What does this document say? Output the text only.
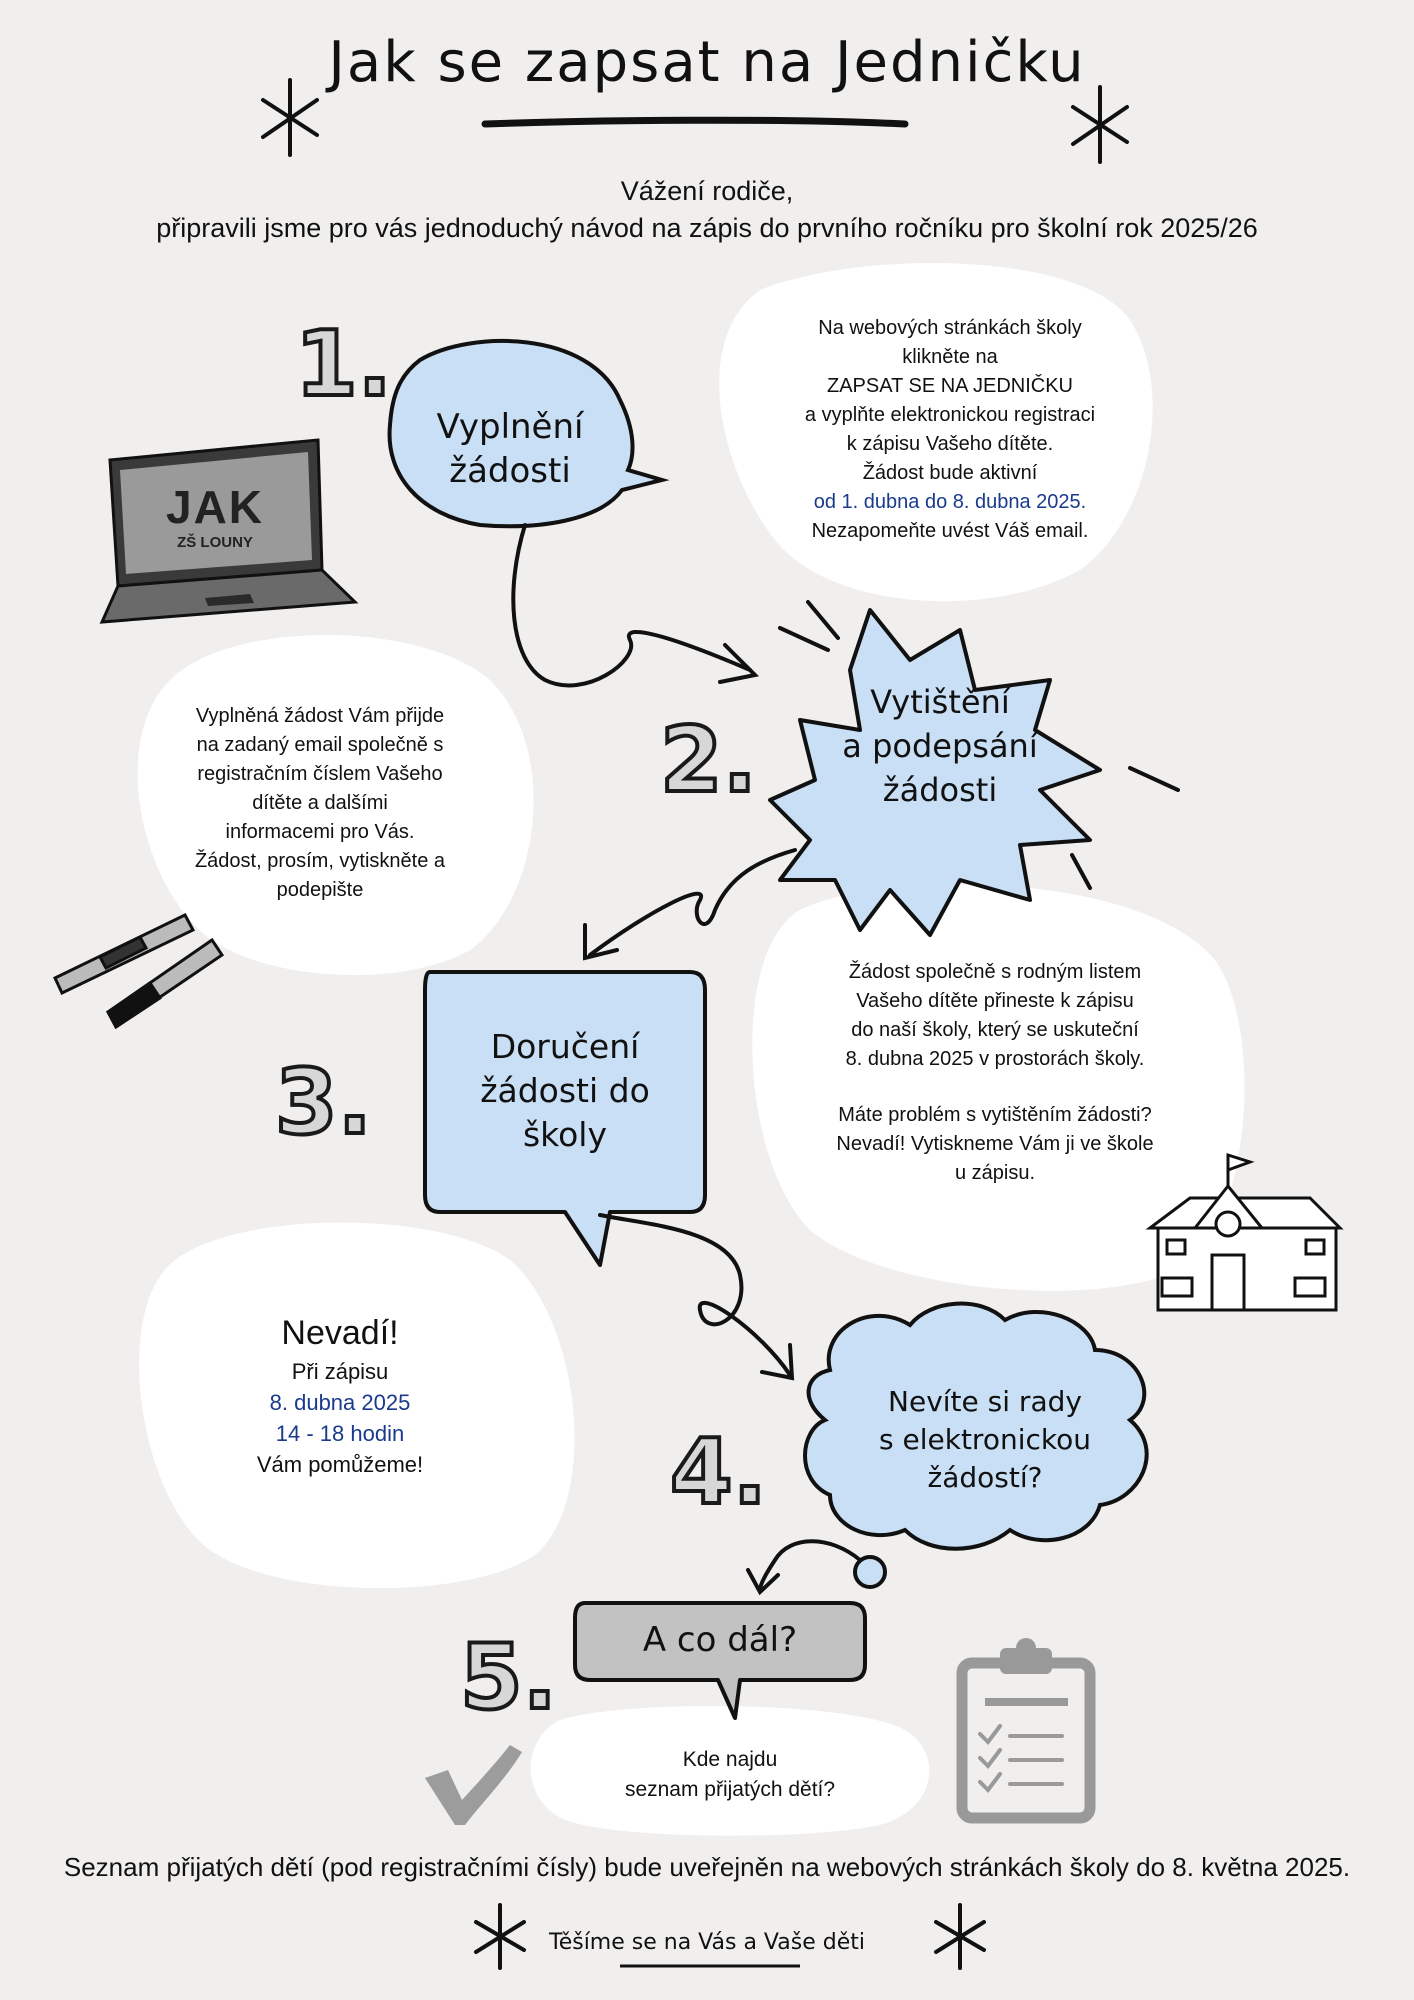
Jak se zapsat na Jedničku
Vážení rodiče,
připravili jsme pro vás jednoduchý návod na zápis do prvního ročníku pro školní rok 2025/26
JAK
ZŠ LOUNY
1.
2.
3.
4.
5.
Vyplnění
žádosti
Vytištění
a podepsání
žádosti
Doručení
žádosti do
školy
Nevíte si rady
s elektronickou
žádostí?
A co dál?
Na webových stránkách školy
klikněte na
ZAPSAT SE NA JEDNIČKU
a vyplňte elektronickou registraci
k zápisu Vašeho dítěte.
Žádost bude aktivní
od 1. dubna do 8. dubna 2025.
Nezapomeňte uvést Váš email.
Vyplněná žádost Vám přijde
na zadaný email společně s
registračním číslem Vašeho
dítěte a dalšími
informacemi pro Vás.
Žádost, prosím, vytiskněte a
podepište
Žádost společně s rodným listem
Vašeho dítěte přineste k zápisu
do naší školy, který se uskuteční
8. dubna 2025 v prostorách školy.
Máte problém s vytištěním žádosti?
Nevadí! Vytiskneme Vám ji ve škole
u zápisu.
Nevadí!
Při zápisu
8. dubna 2025
14 - 18 hodin
Vám pomůžeme!
Kde najdu
seznam přijatých dětí?
Seznam přijatých dětí (pod registračními čísly) bude uveřejněn na webových stránkách školy do 8. května 2025.
Těšíme se na Vás a Vaše děti
